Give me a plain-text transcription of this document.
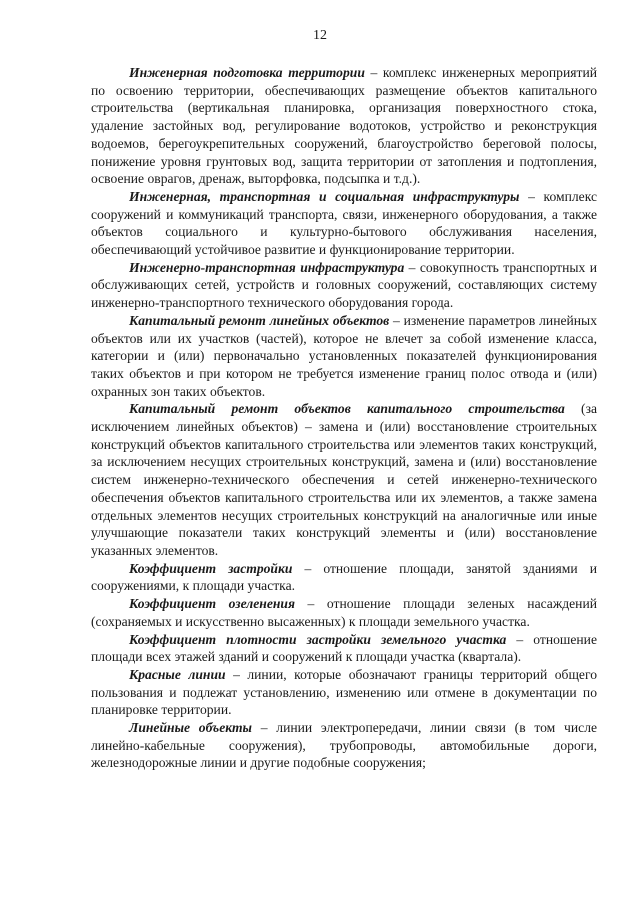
12

Инженерная подготовка территории – комплекс инженерных мероприятий по освоению территории, обеспечивающих размещение объектов капитального строительства (вертикальная планировка, организация поверхностного стока, удаление застойных вод, регулирование водотоков, устройство и реконструкция водоемов, берегоукрепительных сооружений, благоустройство береговой полосы, понижение уровня грунтовых вод, защита территории от затопления и подтопления, освоение оврагов, дренаж, выторфовка, подсыпка и т.д.).

Инженерная, транспортная и социальная инфраструктуры – комплекс сооружений и коммуникаций транспорта, связи, инженерного оборудования, а также объектов социального и культурно-бытового обслуживания населения, обеспечивающий устойчивое развитие и функционирование территории.

Инженерно-транспортная инфраструктура – совокупность транспортных и обслуживающих сетей, устройств и головных сооружений, составляющих систему инженерно-транспортного технического оборудования города.

Капитальный ремонт линейных объектов – изменение параметров линейных объектов или их участков (частей), которое не влечет за собой изменение класса, категории и (или) первоначально установленных показателей функционирования таких объектов и при котором не требуется изменение границ полос отвода и (или) охранных зон таких объектов.

Капитальный ремонт объектов капитального строительства (за исключением линейных объектов) – замена и (или) восстановление строительных конструкций объектов капитального строительства или элементов таких конструкций, за исключением несущих строительных конструкций, замена и (или) восстановление систем инженерно-технического обеспечения и сетей инженерно-технического обеспечения объектов капитального строительства или их элементов, а также замена отдельных элементов несущих строительных конструкций на аналогичные или иные улучшающие показатели таких конструкций элементы и (или) восстановление указанных элементов.

Коэффициент застройки – отношение площади, занятой зданиями и сооружениями, к площади участка.

Коэффициент озеленения – отношение площади зеленых насаждений (сохраняемых и искусственно высаженных) к площади земельного участка.

Коэффициент плотности застройки земельного участка – отношение площади всех этажей зданий и сооружений к площади участка (квартала).

Красные линии – линии, которые обозначают границы территорий общего пользования и подлежат установлению, изменению или отмене в документации по планировке территории.

Линейные объекты – линии электропередачи, линии связи (в том числе линейно-кабельные сооружения), трубопроводы, автомобильные дороги, железнодорожные линии и другие подобные сооружения;
